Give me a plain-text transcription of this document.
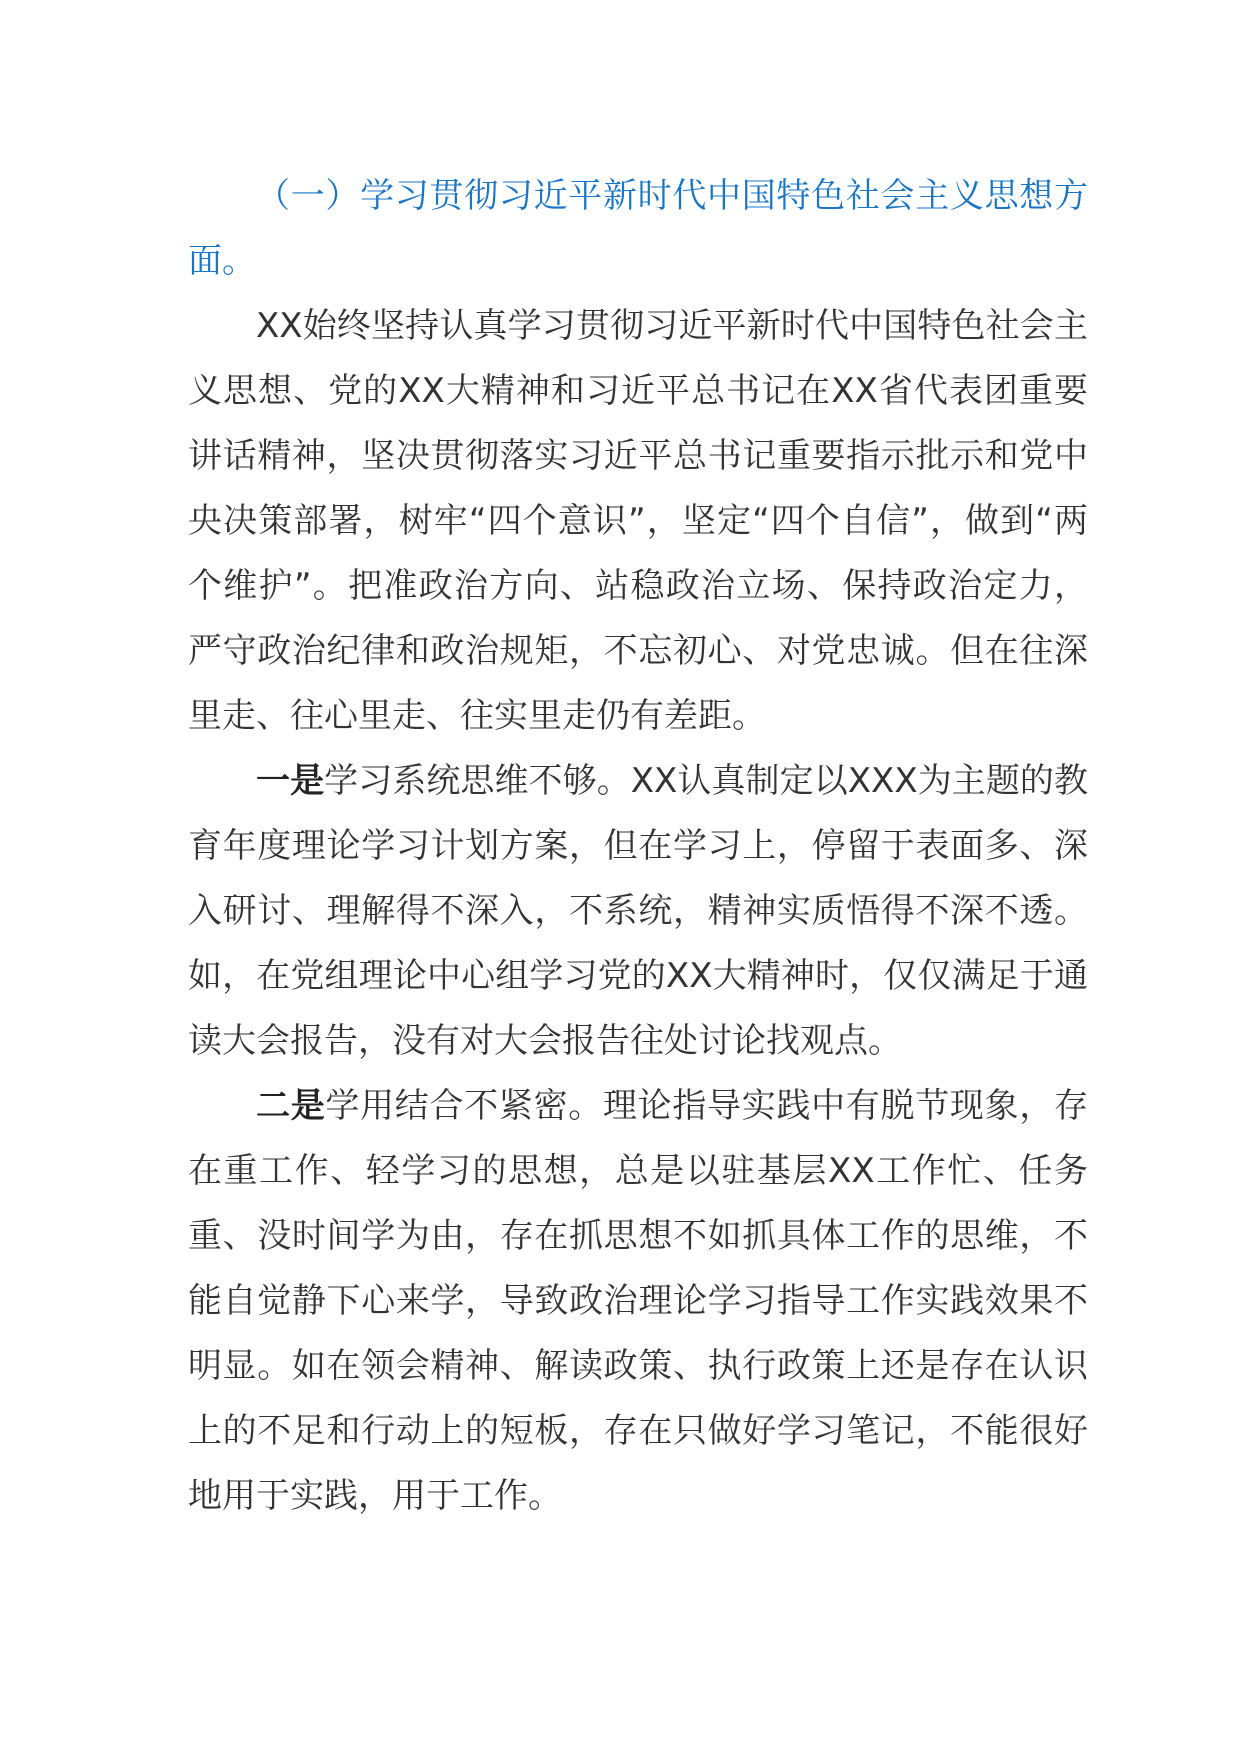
（一）学习贯彻习近平新时代中国特色社会主义思想方面。

XX始终坚持认真学习贯彻习近平新时代中国特色社会主义思想、党的XX大精神和习近平总书记在XX省代表团重要讲话精神，坚决贯彻落实习近平总书记重要指示批示和党中央决策部署，树牢“四个意识”，坚定“四个自信”，做到“两个维护”。把准政治方向、站稳政治立场、保持政治定力，严守政治纪律和政治规矩，不忘初心、对党忠诚。但在往深里走、往心里走、往实里走仍有差距。

一是学习系统思维不够。XX认真制定以XXX为主题的教育年度理论学习计划方案，但在学习上，停留于表面多、深入研讨、理解得不深入，不系统，精神实质悟得不深不透。如，在党组理论中心组学习党的XX大精神时，仅仅满足于通读大会报告，没有对大会报告往处讨论找观点。

二是学用结合不紧密。理论指导实践中有脱节现象，存在重工作、轻学习的思想，总是以驻基层XX工作忙、任务重、没时间学为由，存在抓思想不如抓具体工作的思维，不能自觉静下心来学，导致政治理论学习指导工作实践效果不明显。如在领会精神、解读政策、执行政策上还是存在认识上的不足和行动上的短板，存在只做好学习笔记，不能很好地用于实践，用于工作。
